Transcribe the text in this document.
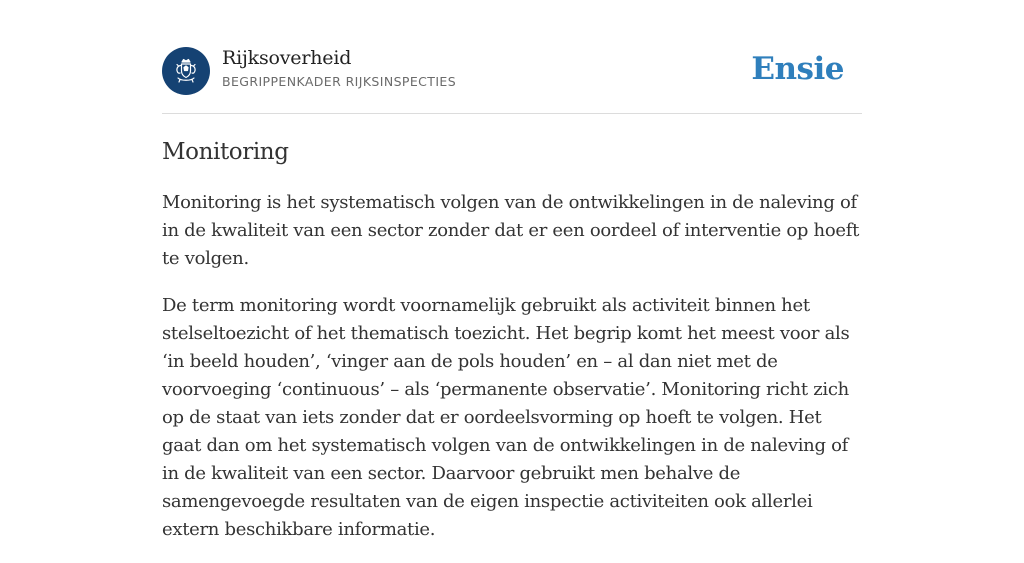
Rijksoverheid
BEGRIPPENKADER RIJKSINSPECTIES	Ensie
Monitoring

Monitoring is het systematisch volgen van de ontwikkelingen in de naleving of in de kwaliteit van een sector zonder dat er een oordeel of interventie op hoeft te volgen.

De term monitoring wordt voornamelijk gebruikt als activiteit binnen het stelseltoezicht of het thematisch toezicht. Het begrip komt het meest voor als ‘in beeld houden’, ‘vinger aan de pols houden’ en – al dan niet met de voorvoeging ‘continuous’ – als ‘permanente observatie’. Monitoring richt zich op de staat van iets zonder dat er oordeelsvorming op hoeft te volgen. Het gaat dan om het systematisch volgen van de ontwikkelingen in de naleving of in de kwaliteit van een sector. Daarvoor gebruikt men behalve de samengevoegde resultaten van de eigen inspectie activiteiten ook allerlei extern beschikbare informatie.
